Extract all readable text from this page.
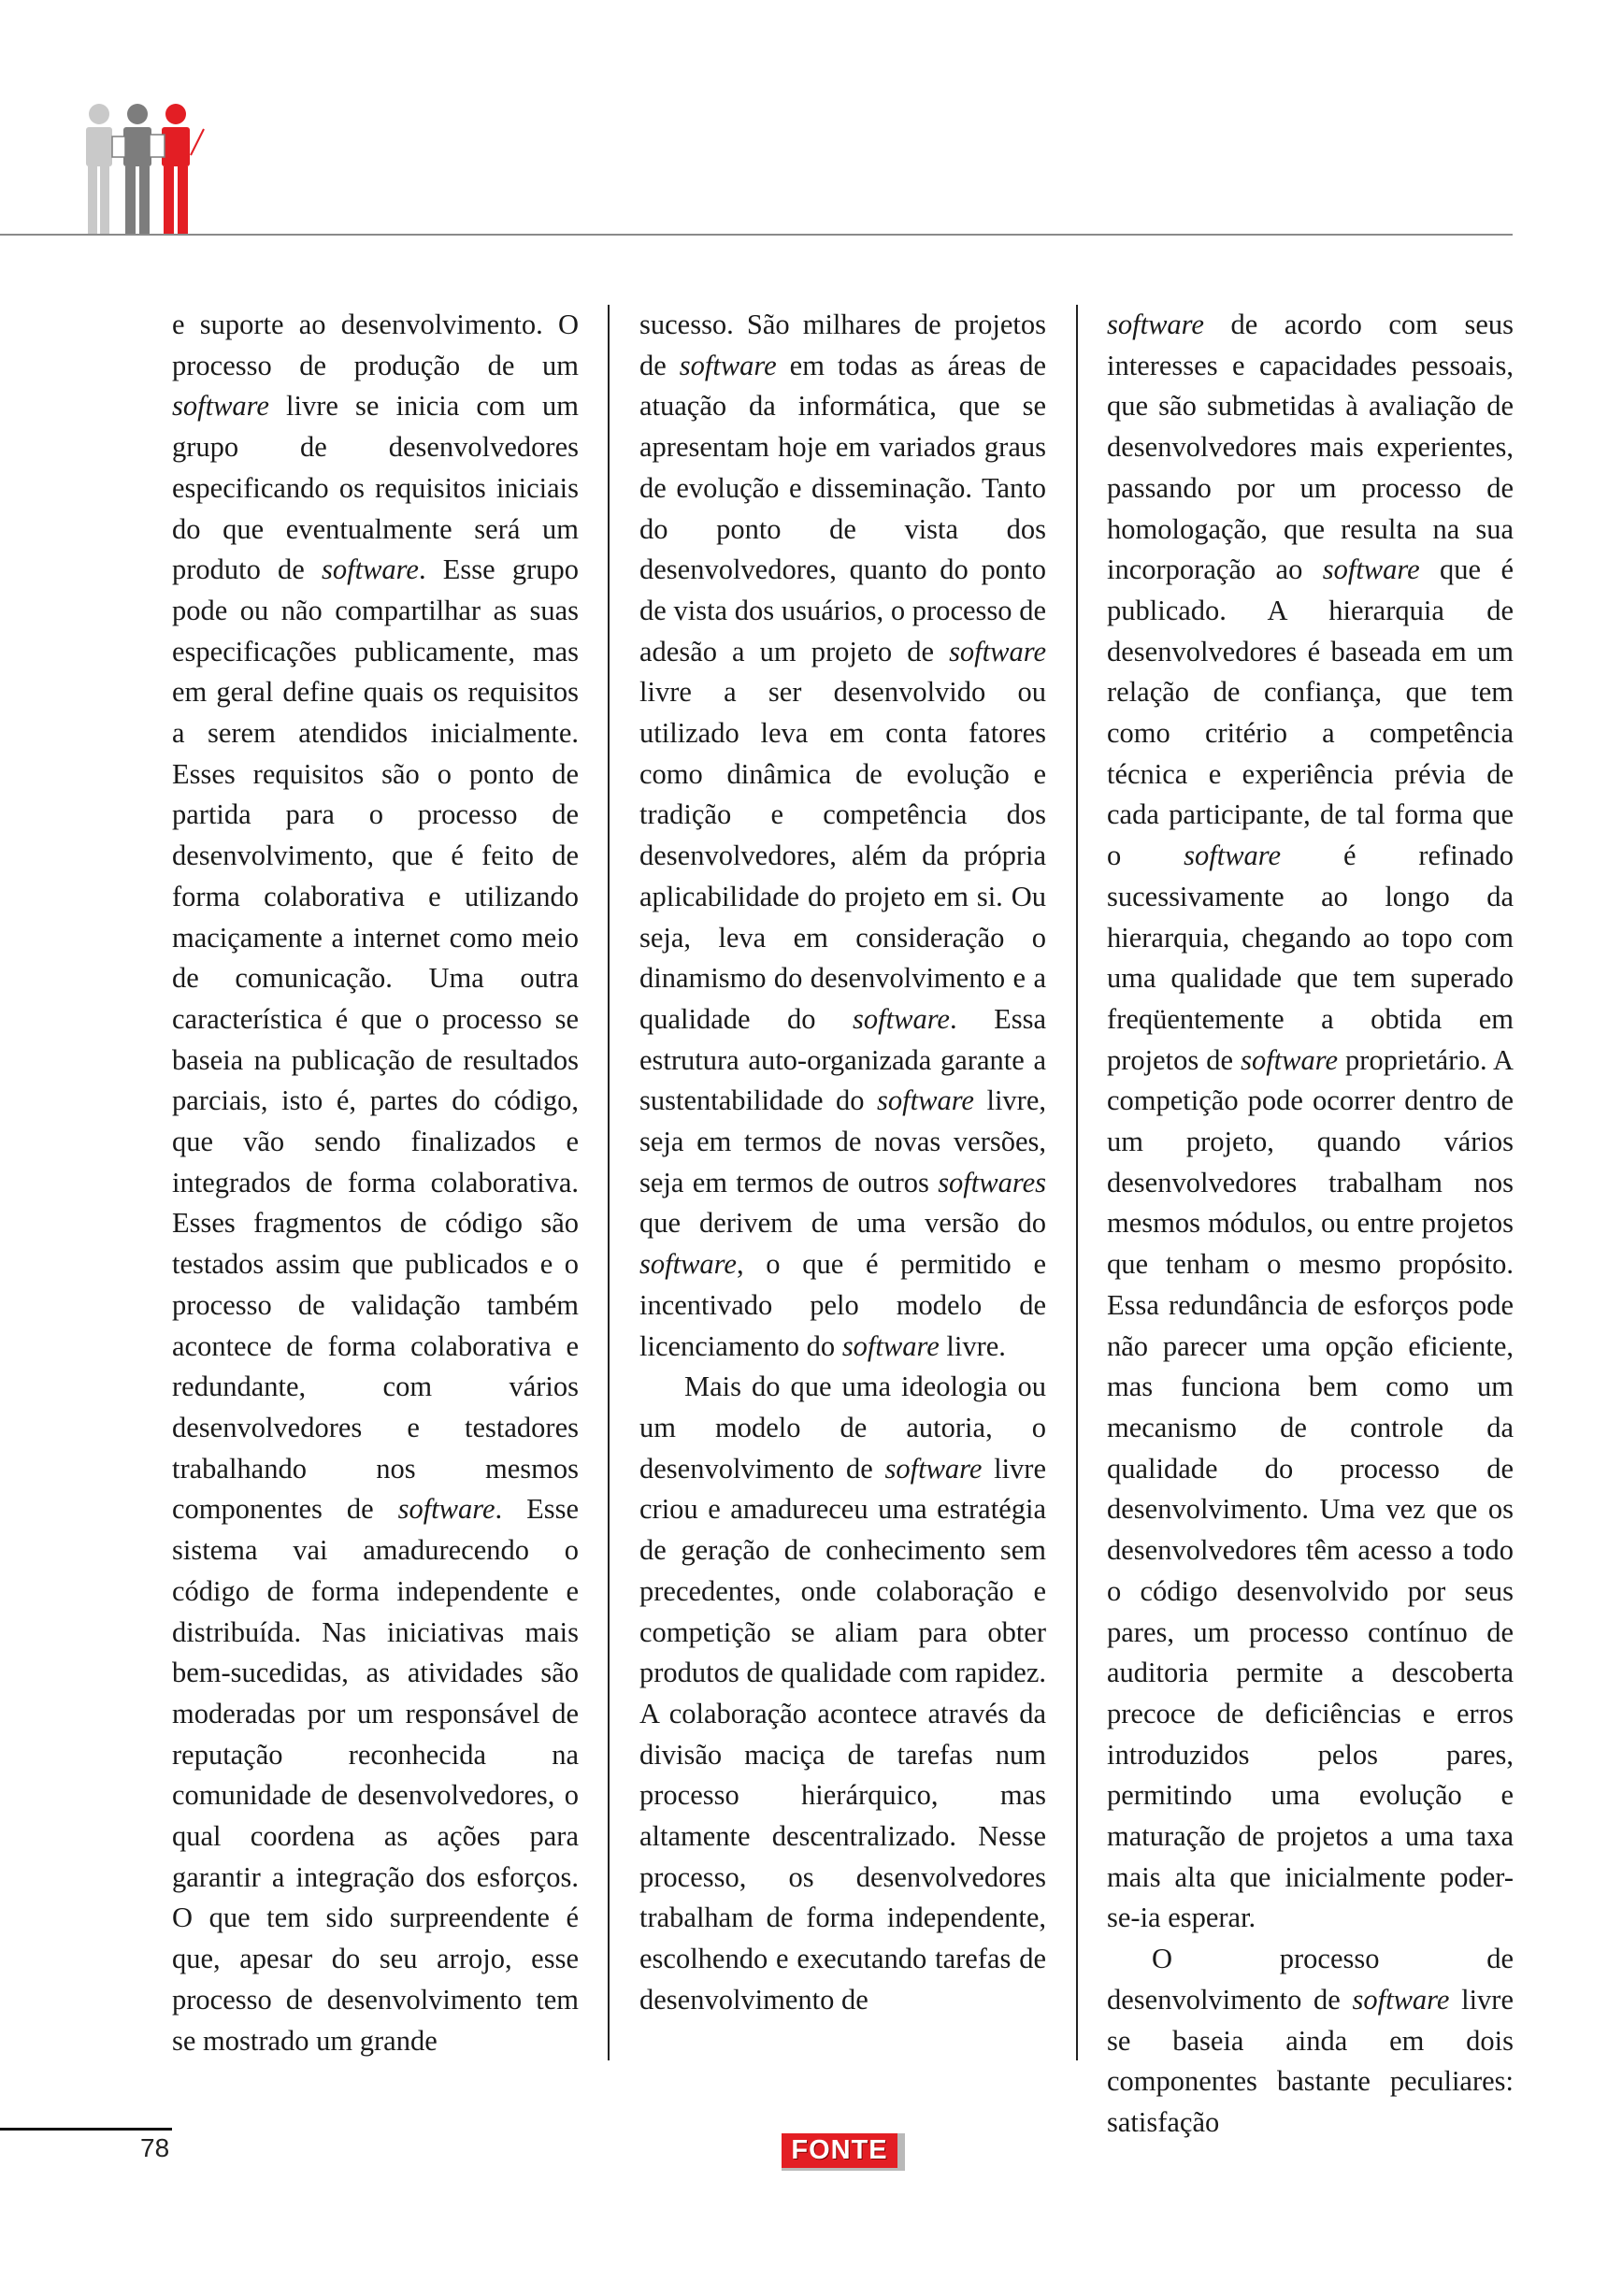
e suporte ao desenvolvimento. O processo de produção de um software livre se inicia com um grupo de desenvolvedores especificando os requisitos iniciais do que eventualmente será um produto de software. Esse grupo pode ou não compartilhar as suas especificações publicamente, mas em geral define quais os requisitos a serem atendidos inicialmente. Esses requisitos são o ponto de partida para o processo de desenvolvimento, que é feito de forma colaborativa e utilizando maciçamente a internet como meio de comunicação. Uma outra característica é que o processo se baseia na publicação de resultados parciais, isto é, partes do código, que vão sendo finalizados e integrados de forma colaborativa. Esses fragmentos de código são testados assim que publicados e o processo de validação também acontece de forma colaborativa e redundante, com vários desenvolvedores e testadores trabalhando nos mesmos componentes de software. Esse sistema vai amadurecendo o código de forma independente e distribuída. Nas iniciativas mais bem-sucedidas, as atividades são moderadas por um responsável de reputação reconhecida na comunidade de desenvolvedores, o qual coordena as ações para garantir a integração dos esforços. O que tem sido surpreendente é que, apesar do seu arrojo, esse processo de desenvolvimento tem se mostrado um grande

sucesso. São milhares de projetos de software em todas as áreas de atuação da informática, que se apresentam hoje em variados graus de evolução e disseminação. Tanto do ponto de vista dos desenvolvedores, quanto do ponto de vista dos usuários, o processo de adesão a um projeto de software livre a ser desenvolvido ou utilizado leva em conta fatores como dinâmica de evolução e tradição e competência dos desenvolvedores, além da própria aplicabilidade do projeto em si. Ou seja, leva em consideração o dinamismo do desenvolvimento e a qualidade do software. Essa estrutura auto-organizada garante a sustentabilidade do software livre, seja em termos de novas versões, seja em termos de outros softwares que derivem de uma versão do software, o que é permitido e incentivado pelo modelo de licenciamento do software livre.

Mais do que uma ideologia ou um modelo de autoria, o desenvolvimento de software livre criou e amadureceu uma estratégia de geração de conhecimento sem precedentes, onde colaboração e competição se aliam para obter produtos de qualidade com rapidez. A colaboração acontece através da divisão maciça de tarefas num processo hierárquico, mas altamente descentralizado. Nesse processo, os desenvolvedores trabalham de forma independente, escolhendo e executando tarefas de desenvolvimento de

software de acordo com seus interesses e capacidades pessoais, que são submetidas à avaliação de desenvolvedores mais experientes, passando por um processo de homologação, que resulta na sua incorporação ao software que é publicado. A hierarquia de desenvolvedores é baseada em um relação de confiança, que tem como critério a competência técnica e experiência prévia de cada participante, de tal forma que o software é refinado sucessivamente ao longo da hierarquia, chegando ao topo com uma qualidade que tem superado freqüentemente a obtida em projetos de software proprietário. A competição pode ocorrer dentro de um projeto, quando vários desenvolvedores trabalham nos mesmos módulos, ou entre projetos que tenham o mesmo propósito. Essa redundância de esforços pode não parecer uma opção eficiente, mas funciona bem como um mecanismo de controle da qualidade do processo de desenvolvimento. Uma vez que os desenvolvedores têm acesso a todo o código desenvolvido por seus pares, um processo contínuo de auditoria permite a descoberta precoce de deficiências e erros introduzidos pelos pares, permitindo uma evolução e maturação de projetos a uma taxa mais alta que inicialmente poder-se-ia esperar.

O processo de desenvolvimento de software livre se baseia ainda em dois componentes bastante peculiares: satisfação

78	FONTE
